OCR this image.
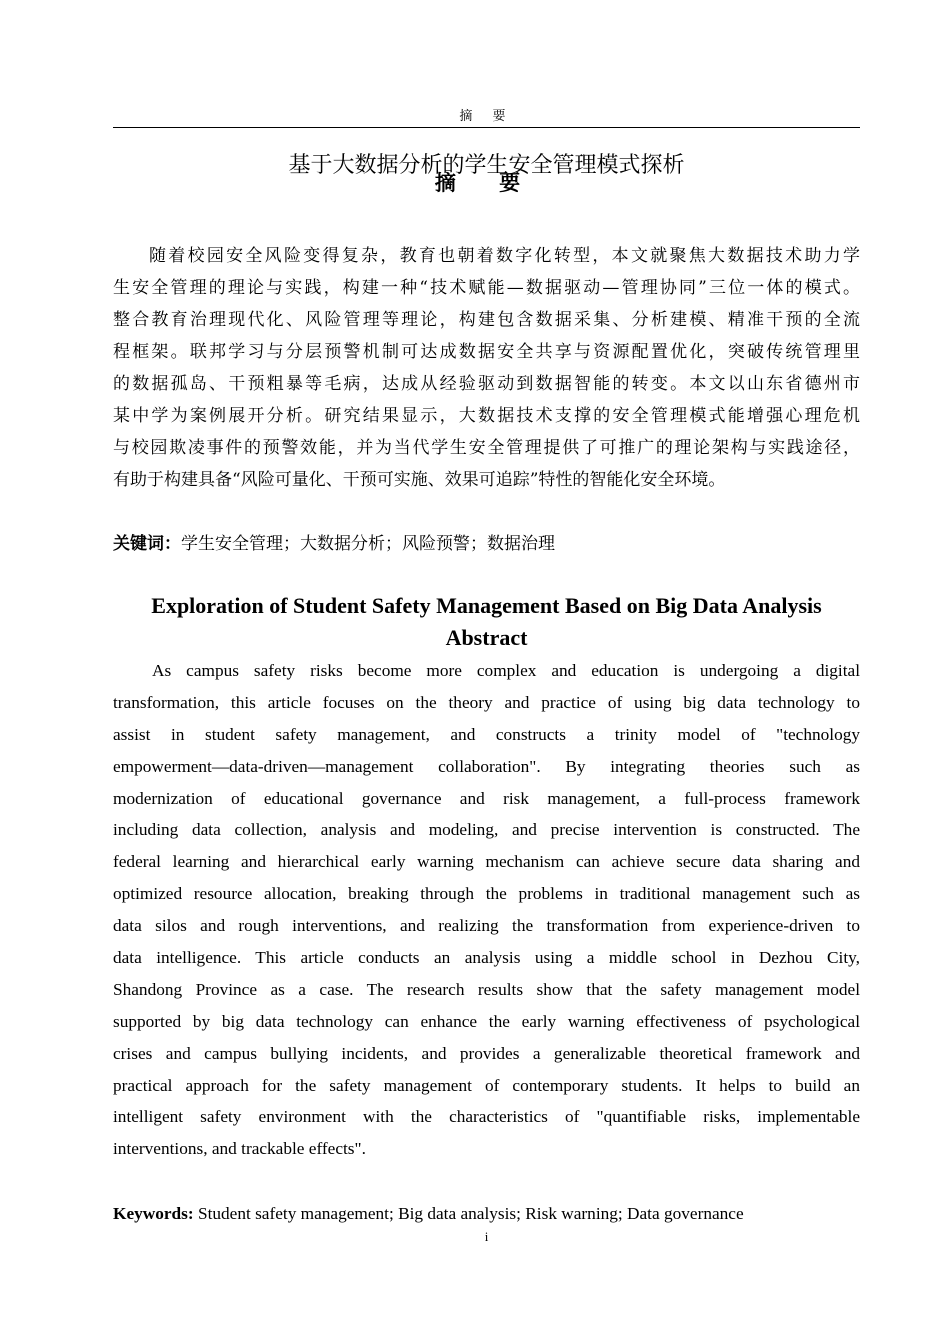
摘 要
基于大数据分析的学生安全管理模式探析
摘 要
随着校园安全风险变得复杂，教育也朝着数字化转型，本文就聚焦大数据技术助力学
生安全管理的理论与实践，构建一种“技术赋能—数据驱动—管理协同”三位一体的模式。
整合教育治理现代化、风险管理等理论，构建包含数据采集、分析建模、精准干预的全流
程框架。联邦学习与分层预警机制可达成数据安全共享与资源配置优化，突破传统管理里
的数据孤岛、干预粗暴等毛病，达成从经验驱动到数据智能的转变。本文以山东省德州市
某中学为案例展开分析。研究结果显示，大数据技术支撑的安全管理模式能增强心理危机
与校园欺凌事件的预警效能，并为当代学生安全管理提供了可推广的理论架构与实践途径，
有助于构建具备“风险可量化、干预可实施、效果可追踪”特性的智能化安全环境。
关键词：学生安全管理；大数据分析；风险预警；数据治理
Exploration of Student Safety Management Based on Big Data Analysis
Abstract
As campus safety risks become more complex and education is undergoing a digital
transformation, this article focuses on the theory and practice of using big data technology to
assist in student safety management, and constructs a trinity model of "technology
empowerment—data-driven—management collaboration". By integrating theories such as
modernization of educational governance and risk management, a full-process framework
including data collection, analysis and modeling, and precise intervention is constructed. The
federal learning and hierarchical early warning mechanism can achieve secure data sharing and
optimized resource allocation, breaking through the problems in traditional management such as
data silos and rough interventions, and realizing the transformation from experience-driven to
data intelligence. This article conducts an analysis using a middle school in Dezhou City,
Shandong Province as a case. The research results show that the safety management model
supported by big data technology can enhance the early warning effectiveness of psychological
crises and campus bullying incidents, and provides a generalizable theoretical framework and
practical approach for the safety management of contemporary students. It helps to build an
intelligent safety environment with the characteristics of "quantifiable risks, implementable
interventions, and trackable effects".
Keywords: Student safety management; Big data analysis; Risk warning; Data governance
i
